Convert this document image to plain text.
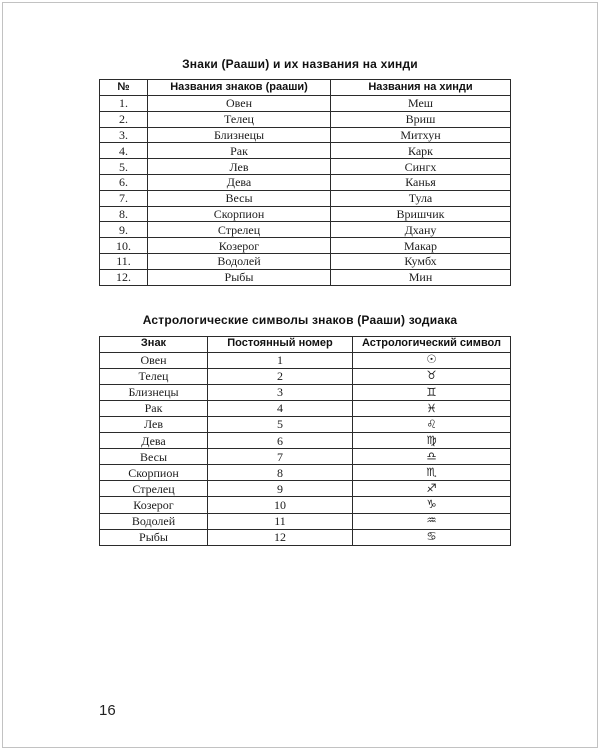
Знаки (Рааши) и их названия на хинди
№	Названия знаков (рааши)	Названия на хинди
1.	Овен	Меш
2.	Телец	Вриш
3.	Близнецы	Митхун
4.	Рак	Карк
5.	Лев	Сингх
6.	Дева	Канья
7.	Весы	Тула
8.	Скорпион	Вришчик
9.	Стрелец	Дхану
10.	Козерог	Макар
11.	Водолей	Кумбх
12.	Рыбы	Мин
Астрологические символы знаков (Рааши) зодиака
Знак	Постоянный номер	Астрологический символ
Овен	1	☉
Телец	2	♉
Близнецы	3	♊
Рак	4	♓
Лев	5	♌
Дева	6	♍
Весы	7	♎
Скорпион	8	♏
Стрелец	9	♐
Козерог	10	♑
Водолей	11	♒
Рыбы	12	♋
16
